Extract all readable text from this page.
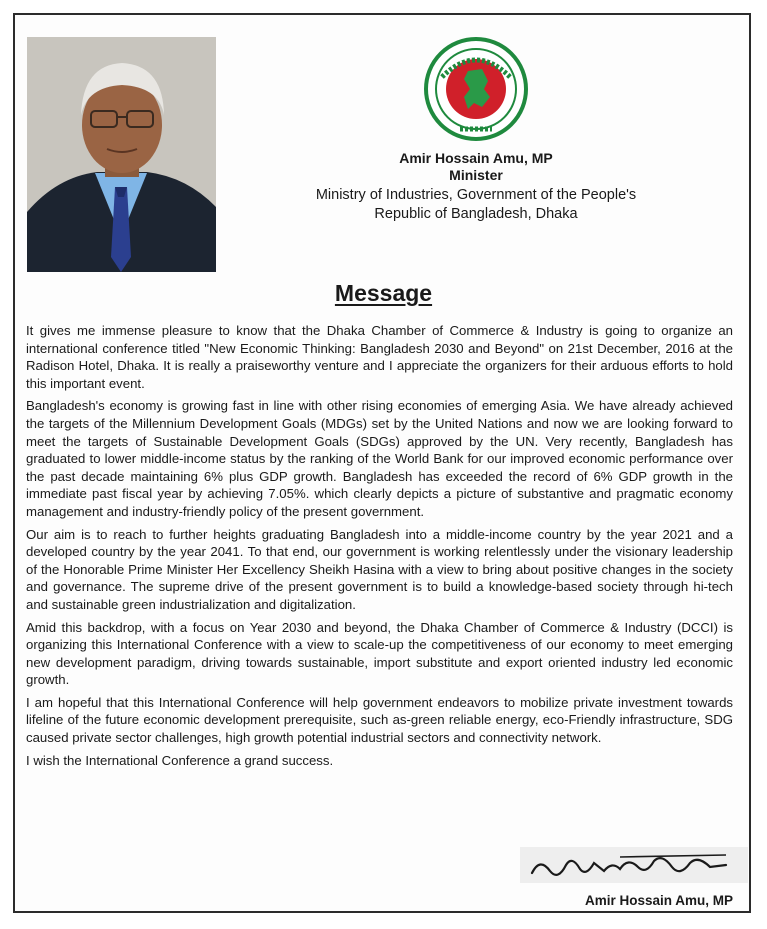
Amir Hossain Amu, MP
Minister
Ministry of Industries, Government of the People's
Republic of Bangladesh, Dhaka
Message

It gives me immense pleasure to know that the Dhaka Chamber of Commerce & Industry is going to organize an international conference titled "New Economic Thinking: Bangladesh 2030 and Beyond" on 21st December, 2016 at the Radison Hotel, Dhaka. It is really a praiseworthy venture and I appreciate the organizers for their arduous efforts to hold this important event.

Bangladesh's economy is growing fast in line with other rising economies of emerging Asia. We have already achieved the targets of the Millennium Development Goals (MDGs) set by the United Nations and now we are looking forward to meet the targets of Sustainable Development Goals (SDGs) approved by the UN. Very recently, Bangladesh has graduated to lower middle-income status by the ranking of the World Bank for our improved economic performance over the past decade maintaining 6% plus GDP growth. Bangladesh has exceeded the record of 6% GDP growth in the immediate past fiscal year by achieving 7.05%. which clearly depicts a picture of substantive and pragmatic economy management and industry-friendly policy of the present government.

Our aim is to reach to further heights graduating Bangladesh into a middle-income country by the year 2021 and a developed country by the year 2041. To that end, our government is working relentlessly under the visionary leadership of the Honorable Prime Minister Her Excellency Sheikh Hasina with a view to bring about positive changes in the society and governance. The supreme drive of the present government is to build a knowledge-based society through hi-tech and sustainable green industrialization and digitalization.

Amid this backdrop, with a focus on Year 2030 and beyond, the Dhaka Chamber of Commerce & Industry (DCCI) is organizing this International Conference with a view to scale-up the competitiveness of our economy to meet emerging new development paradigm, driving towards sustainable, import substitute and export oriented industry led economic growth.

I am hopeful that this International Conference will help government endeavors to mobilize private investment towards lifeline of the future economic development prerequisite, such as-green reliable energy, eco-Friendly infrastructure, SDG caused private sector challenges, high growth potential industrial sectors and connectivity network.

I wish the International Conference a grand success.

Amir Hossain Amu, MP
